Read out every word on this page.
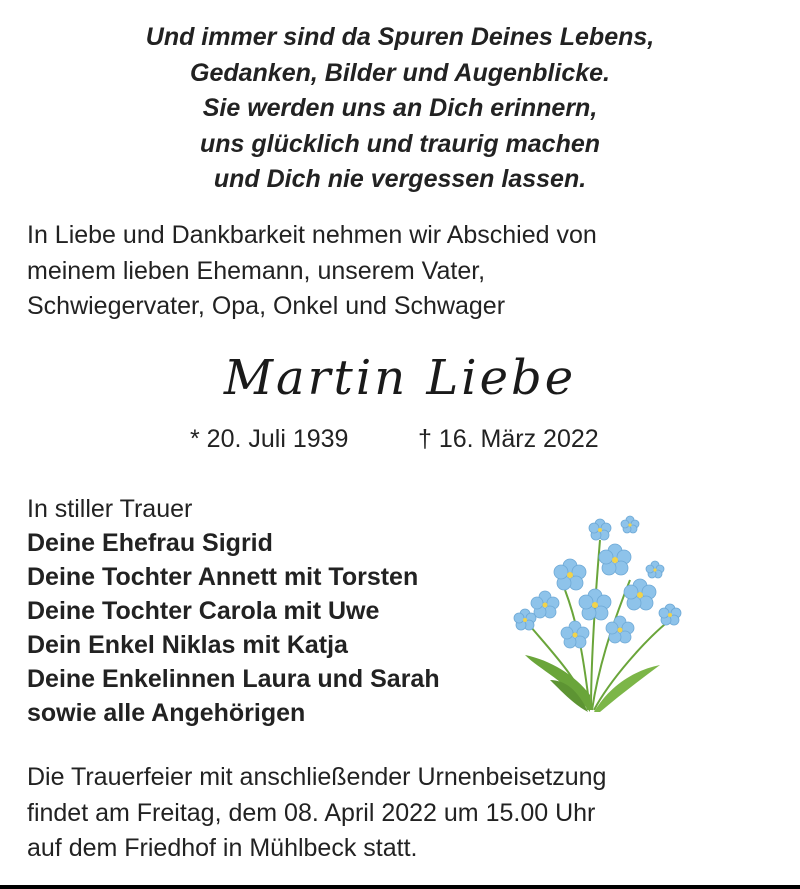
Und immer sind da Spuren Deines Lebens,
Gedanken, Bilder und Augenblicke.
Sie werden uns an Dich erinnern,
uns glücklich und traurig machen
und Dich nie vergessen lassen.
In Liebe und Dankbarkeit nehmen wir Abschied von
meinem lieben Ehemann, unserem Vater,
Schwiegervater, Opa, Onkel und Schwager
Martin Liebe
* 20. Juli 1939	† 16. März 2022
In stiller Trauer
Deine Ehefrau Sigrid
Deine Tochter Annett mit Torsten
Deine Tochter Carola mit Uwe
Dein Enkel Niklas mit Katja
Deine Enkelinnen Laura und Sarah
sowie alle Angehörigen
Die Trauerfeier mit anschließender Urnenbeisetzung
findet am Freitag, dem 08. April 2022 um 15.00 Uhr
auf dem Friedhof in Mühlbeck statt.
